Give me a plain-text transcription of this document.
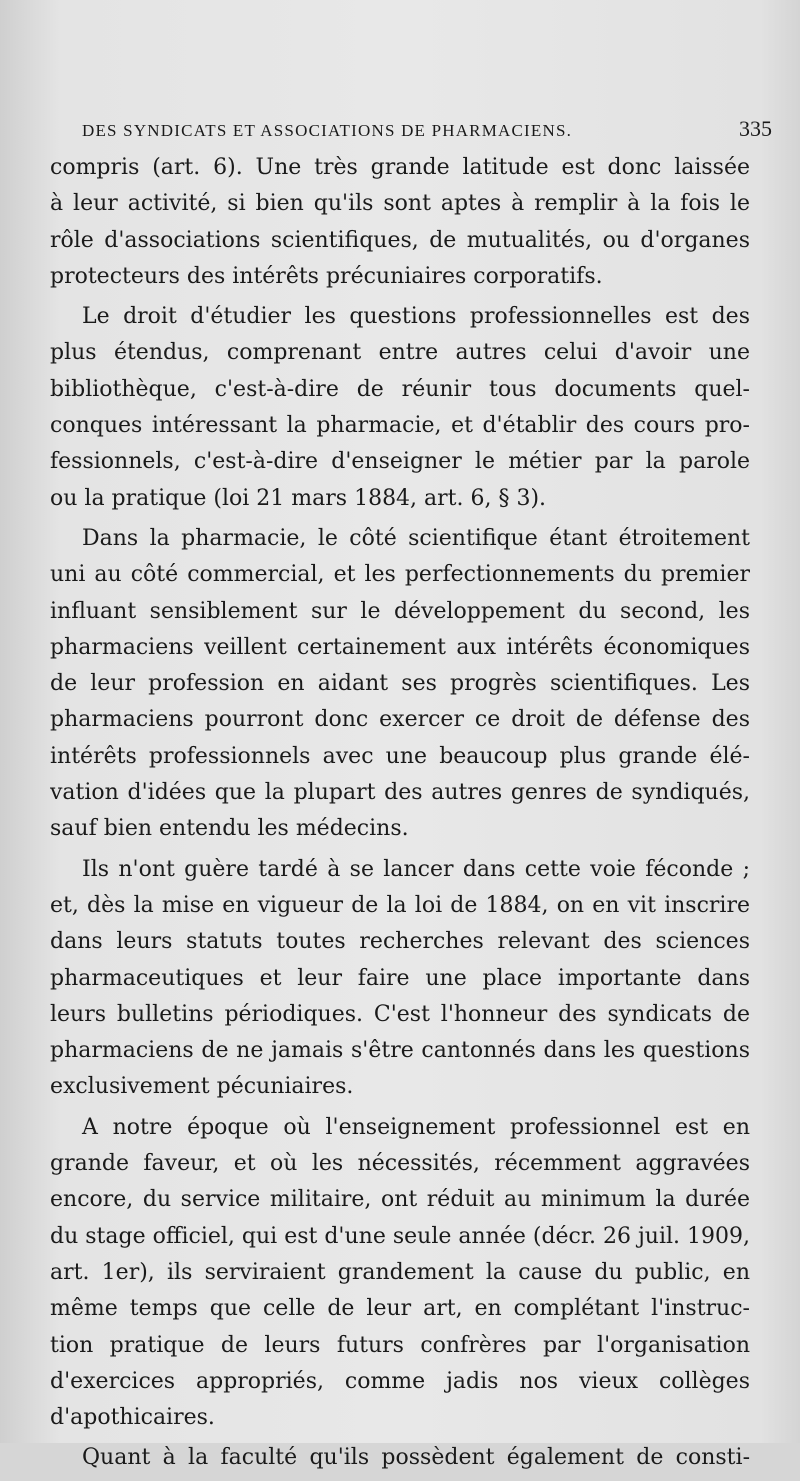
DES SYNDICATS ET ASSOCIATIONS DE PHARMACIENS.	335
compris (art. 6). Une très grande latitude est donc laissée
à leur activité, si bien qu'ils sont aptes à remplir à la fois le
rôle d'associations scientifiques, de mutualités, ou d'organes
protecteurs des intérêts précuniaires corporatifs.
Le droit d'étudier les questions professionnelles est des
plus étendus, comprenant entre autres celui d'avoir une
bibliothèque, c'est-à-dire de réunir tous documents quel-
conques intéressant la pharmacie, et d'établir des cours pro-
fessionnels, c'est-à-dire d'enseigner le métier par la parole
ou la pratique (loi 21 mars 1884, art. 6, § 3).
Dans la pharmacie, le côté scientifique étant étroitement
uni au côté commercial, et les perfectionnements du premier
influant sensiblement sur le développement du second, les
pharmaciens veillent certainement aux intérêts économiques
de leur profession en aidant ses progrès scientifiques. Les
pharmaciens pourront donc exercer ce droit de défense des
intérêts professionnels avec une beaucoup plus grande élé-
vation d'idées que la plupart des autres genres de syndiqués,
sauf bien entendu les médecins.
Ils n'ont guère tardé à se lancer dans cette voie féconde ;
et, dès la mise en vigueur de la loi de 1884, on en vit inscrire
dans leurs statuts toutes recherches relevant des sciences
pharmaceutiques et leur faire une place importante dans
leurs bulletins périodiques. C'est l'honneur des syndicats de
pharmaciens de ne jamais s'être cantonnés dans les questions
exclusivement pécuniaires.
A notre époque où l'enseignement professionnel est en
grande faveur, et où les nécessités, récemment aggravées
encore, du service militaire, ont réduit au minimum la durée
du stage officiel, qui est d'une seule année (décr. 26 juil. 1909,
art. 1er), ils serviraient grandement la cause du public, en
même temps que celle de leur art, en complétant l'instruc-
tion pratique de leurs futurs confrères par l'organisation
d'exercices appropriés, comme jadis nos vieux collèges
d'apothicaires.
Quant à la faculté qu'ils possèdent également de consti-
